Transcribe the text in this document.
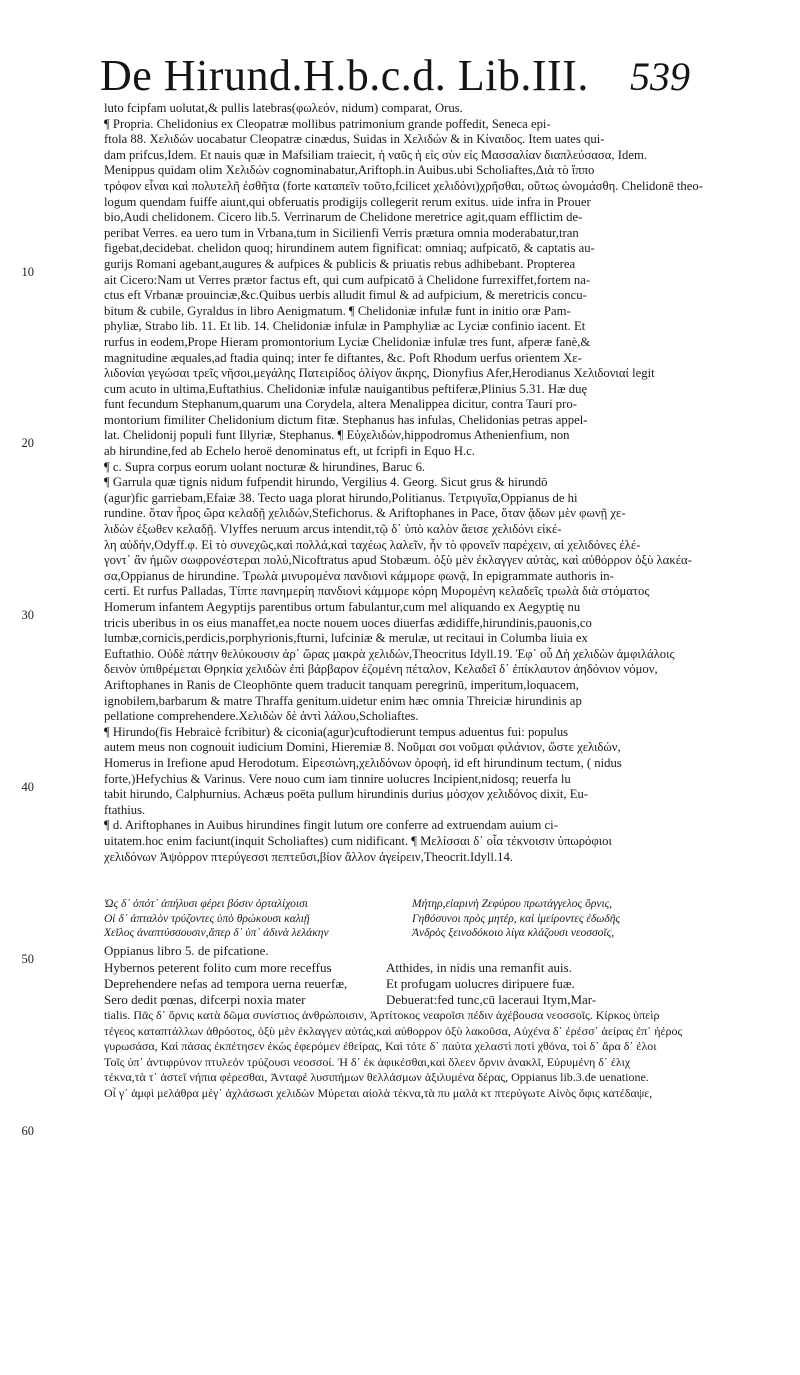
De Hirund.H.b.c.d. Lib.III. 539
10
20
30
40
50
60
luto fcipfam uolutat,& pullis latebras(φωλεόν, nidum) comparat, Orus.
¶ Propria. Chelidonius ex Cleopatræ mollibus patrimonium grande poffedit, Seneca epi-
ftola 88. Χελιδών uocabatur Cleopatræ cinædus, Suidas in Χελιδών & in Κίναιδος. Item uates qui-
dam prifcus,Idem. Et nauis quæ in Mafsiliam traiecit, ἡ ναῦς ἡ εἰς σὺν εἰς Μασσαλίαν διαπλεύσασα, Idem.
Menippus quidam olim Χελιδών cognominabatur,Ariftoph.in Auibus.ubi Scholiaftes,Διὰ τὸ ἵππο
τρόφον εἶναι καὶ πολυτελῆ ἐσθῆτα (forte καταπεῖν τοῦτο,fcilicet χελιδόνι)χρῆσθαι, οὕτως ὠνομάσθη. Chelidonē theo-
logum quendam fuiffe aiunt,qui obferuatis prodigijs collegerit rerum exitus. uide infra in Prouer
bio,Audi chelidonem. Cicero lib.5. Verrinarum de Chelidone meretrice agit,quam efflictim de-
peribat Verres. ea uero tum in Vrbana,tum in Sicilienfi Verris prætura omnia moderabatur,tran
figebat,decidebat. chelidon quoq; hirundinem autem fignificat: omniaq; aufpicatō, & captatis au-
gurijs Romani agebant,augures & aufpices & publicis & priuatis rebus adhibebant. Propterea
ait Cicero:Nam ut Verres prætor factus eft, qui cum aufpicatō à Chelidone furrexiffet,fortem na-
ctus eft Vrbanæ prouinciæ,&c.Quibus uerbis alludit fimul & ad aufpicium, & meretricis concu-
bitum & cubile, Gyraldus in libro Aenigmatum. ¶ Chelidoniæ infulæ funt in initio oræ Pam-
phyliæ, Strabo lib. 11. Et lib. 14. Chelidoniæ infulæ in Pamphyliæ ac Lyciæ confinio iacent. Et
rurfus in eodem,Prope Hieram promontorium Lyciæ Chelidoniæ infulæ tres funt, afperæ fanè,&
magnitudine æquales,ad ftadia quinq; inter fe diftantes, &c. Poft Rhodum uerfus orientem Χε-
λιδονίαι γεγώσαι τρεῖς νῆσοι,μεγάλης Πατειρίδος ὀλίγον ἄκρης, Dionyfius Afer,Herodianus Χελιδονιαί legit
cum acuto in ultima,Euftathius. Chelidoniæ infulæ nauigantibus peftiferæ,Plinius 5.31. Hæ duę
funt fecundum Stephanum,quarum una Corydela, altera Menalippea dicitur, contra Tauri pro-
montorium fimiliter Chelidonium dictum fitæ. Stephanus has infulas, Chelidonias petras appel-
lat. Chelidonij populi funt Illyriæ, Stephanus. ¶ Εὐχελιδών,hippodromus Athenienfium, non
ab hirundine,fed ab Echelo heroë denominatus eft, ut fcripfi in Equo H.c.
¶ c. Supra corpus eorum uolant nocturæ & hirundines, Baruc 6.
¶ Garrula quæ tignis nidum fufpendit hirundo, Vergilius 4. Georg. Sicut grus & hirundō
(agur)fic garriebam,Efaiæ 38. Tecto uaga plorat hirundo,Politianus. Τετριγυῖα,Oppianus de hi
rundine. ὅταν ἦρος ὤρα κελαδῇ χελιδών,Stefichorus. & Ariftophanes in Pace, ὅταν ᾄδων μὲν φωνῇ χε-
λιδὼν ἐξωθεν κελαδῇ. Vlyffes neruum arcus intendit,τῷ δ᾽ ὑπὸ καλὸν ἄεισε χελιδόνι εἰκέ-
λη αὐδήν,Odyff.φ. Εἰ τὸ συνεχῶς,καὶ πολλά,καὶ ταχέως λαλεῖν, ἦν τὸ φρονεῖν παρέχειν, αἱ χελιδόνες ἐλέ-
γοντ᾽ ἂν ἡμῶν σωφρονέστεραι πολύ,Nicoftratus apud Stobæum. ὀξὺ μὲν ἐκλαγγεν αὐτὰς, καὶ αὐθόρρον ὀξὺ λακέα-
σα,Oppianus de hirundine. Τρωλὰ μινυρομένα πανδιονὶ κάμμορε φωνᾷ, In epigrammate authoris in-
certi. Et rurfus Palladas, Τίπτε πανημερίη πανδιονὶ κάμμορε κόρη Μυρομένη κελαδεῖς τρωλὰ διὰ στόματος
Homerum infantem Aegyptijs parentibus ortum fabulantur,cum mel aliquando ex Aegyptię nu
tricis uberibus in os eius manaffet,ea nocte nouem uoces diuerfas ædidiffe,hirundinis,pauonis,co
lumbæ,cornicis,perdicis,porphyrionis,fturni, lufciniæ & merulæ, ut recitaui in Columba liuia ex
Euftathio. Οὐδὲ πάτην θελύκουσιν ἀρ᾽ ὥρας μακρὰ χελιδών,Theocritus Idyll.19. Ἐφ᾽ οὗ Δὴ χελιδὼν ἀμφιλάλοις
δεινὸν ὑπιθρέμεται Θρηκία χελιδὼν ἐπὶ βάρβαρον ἑζομένη πέταλον, Κελαδεῖ δ᾽ ἐπίκλαυτον ἀηδόνιον νόμον,
Ariftophanes in Ranis de Cleophōnte quem traducit tanquam peregrinū, imperitum,loquacem,
ignobilem,barbarum & matre Thraffa genitum.uidetur enim hæc omnia Threiciæ hirundinis ap
pellatione comprehendere.Χελιδὼν δὲ ἀντὶ λάλου,Scholiaftes.
¶ Hirundo(fis Hebraicè fcribitur) & ciconia(agur)cuftodierunt tempus aduentus fui: populus
autem meus non cognouit iudicium Domini, Hieremiæ 8. Νοῦμαι σοι νοῦμαι φιλάνιον, ὥστε χελιδών,
Homerus in Irefione apud Herodotum. Εἰρεσιώνη,χελιδόνων ὀροφή, id eft hirundinum tectum, ( nidus
forte,)Hefychius & Varinus. Vere nouo cum iam tinnire uolucres Incipient,nidosq; reuerfa lu
tabit hirundo, Calphurnius. Achæus poëta pullum hirundinis durius μόσχον χελιδόνος dixit, Eu-
ftathius.
¶ d. Ariftophanes in Auibus hirundines fingit lutum ore conferre ad extruendam auium ci-
uitatem.hoc enim faciunt(inquit Scholiaftes) cum nidificant. ¶ Μελίσσαι δ᾽ οἷα τέκνοισιν ὑπωρόφιοι
χελιδόνων Ἀψόρρον πτερύγεσσι πεπτεῦσι,βίον ἄλλον ἀγείρειν,Theocrit.Idyll.14.
Ὡς δ᾽ ὁπότ᾽ ἀπήλυσι φέρει βόσιν ὀρταλίχοισι
Οἱ δ᾽ ἀπταλὸν τρύζοντες ὑπὸ θρώκουσι καλιῇ
Χεῖλος ἀναπτύσσουσιν,ἅπερ δ᾽ ὑπ᾽ ἀδινὰ λελάκην
Μήτηρ,εἰαρινὴ Ζεφύρου πρωτάγγελος ὄρνις,
Γηθόσυνοι πρὸς μητέρ, καὶ ἱμείροντες ἐδωδῆς
Ἀνδρὸς ξεινοδόκοιο λίγα κλάζουσι νεοσσοῖς,
Oppianus libro 5. de pifcatione.
Hybernos peterent folito cum more receffus
Deprehendere nefas ad tempora uerna reuerfæ,
Sero dedit pœnas, difcerpi noxia mater
Atthides, in nidis una remanfit auis.
Et profugam uolucres diripuere fuæ.
Debuerat:fed tunc,cū laceraui Itym,Mar-
tialis. Πᾶς δ᾽ ὄρνις κατὰ δῶμα συνίστιος ἀνθρώποισιν, Ἀρτίτοκος νεαροῖσι πέδιν ἀχέβουσα νεοσσοῖς. Κίρκος ὑπεὶρ
τέγεος καταπτάλλων ἀθρόοτος, ὀξὺ μὲν ἐκλαγγεν αὐτάς,καὶ αὐθορρον ὀξὺ λακοῦσα, Αὐχένα δ᾽ ἐρέσσ᾽ ἀείρας ἐπ᾽ ἠέρος
γυρωσάσα, Καὶ πάσας ἐκπέτησεν ἐκὼς ἐφερόμεν ἐθείρας, Καὶ τότε δ᾽ παύτα χελαστὶ ποτὶ χθόνα, τοὶ δ᾽ ἄρα δ᾽ ἐλοι
Τοῖς ὑπ᾽ ἀντιφρύνον πτυλεόν τρύζουσι νεοσσοί. Ἡ δ᾽ ἐκ ἀφικέσθαι,καὶ ὄλεεν ὄρνιν ἀνακλῖ, Εὐρυμένη δ᾽ ἐλιχ
τέκνα,τὰ τ᾽ ἀστεῖ νήπια φέρεσθαι, Ἀνταφέ λυσιπήμων θελλάσμων ἀξιλυμένα δέρας, Oppianus lib.3.de uenatione.
Οἷ γ᾽ ἀμφὶ μελάθρα μέγ᾽ ἀχλάσωσι χελιδὼν Μύρεται αἰολὰ τέκνα,τὰ πυ μαλὰ κτ πτερύγωτε Αἰνὸς ὄφις κατέδαψε,
